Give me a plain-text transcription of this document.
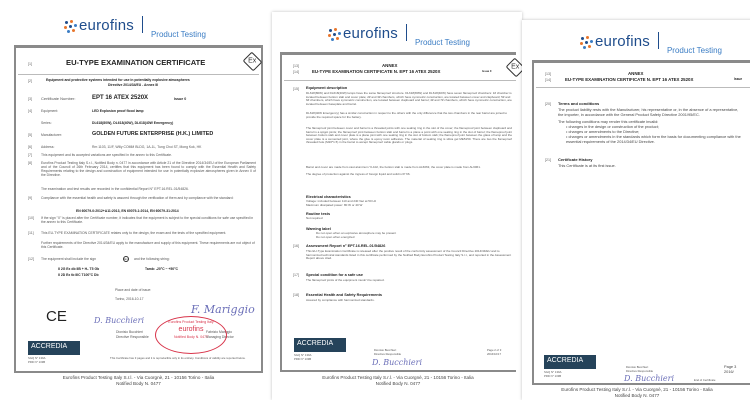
eurofins
Product Testing
[1]	EU-TYPE EXAMINATION CERTIFICATE	Ex
[2]	Equipment and protective systems intended for use in potentially explosive atmospheres
Directive 2014/34/EU - Annex III
[3] Certificate Number:	EPT 16 ATEX 2520X	Issue 0
[4]	Equipment:	LED Explosion proof flood lamp
Series:	DL618(80W), DL618(40W), DL618(40W Emergency)
[5]	Manufacturer:	GOLDEN FUTURE ENTERPRISE (H.K.) LIMITED
[6]	Address:	Rm 1103, 11/F, Willy COMM BLDG, 1A-1L, Tung Choi ST, Mong Kok, HK
[7]	This equipment and its accepted variations are specified in the annex to this Certificate.
[8]	Eurofins Product Testing Italy S.r.l., Notified Body n. 0477 in accordance with Article 21 of the Directive 2014/34/EU of the European Parliament and of the Council of 26th February 2014, certifies that this equipment has been found to comply with the Essential Health and Safety Requirements relating to the design and construction of equipment intended for use in potentially explosive atmospheres given in Annex II of the Directive.
The examination and test results are recorded in the confidential Report N° EPT.16.REL.01/54826.
[9]	Compliance with the essential health and safety is assured through the verification of them and by compliance with the standard:
EN 60079-0:2012+A11:2013, EN 60079-1:2014, EN 60079-31:2014
[10] If the sign "X" is placed after the Certificate number, it indicates that the equipment is subject to the special conditions for safe use specified in the annex to this Certificate.
[11] This EU-TYPE EXAMINATION CERTIFICATE relates only to the design, the exam and the tests of the specified equipment.
Further requirements of the Directive 2014/34/EU apply to the manufacture and supply of this equipment. These requirements are not object of this Certificate.
[12] The equipment shall include the sign	Ex and the following string:
II 2G Ex db IIB + H₂ T5 Gb
II 2D Ex tb IIIC T100°C Db
Tamb: -20°C ~ +50°C
Place and date of issue:
Torino, 2016-10-17
CE	D. Bucchieri
F. Mariggio
Dionisio Bucchieri
Directive Responsible
Fabrizio Mariggio
Managing Director
Eurofins Product Testing Italy
eurofins
Notified Body N. 0477
ACCREDIA
SGQ N° 139A
PRD N° 133B
This Certificate has 3 pages and it is reproducible only in its entirety. Conditions of validity are reported below.
Eurofins Product Testing Italy S.r.l. - Via Cuorgnè, 21 - 10156 Torino - Italia
Notified Body N. 0477
eurofins
Product Testing
[13]
[14]
ANNEX
EU-TYPE EXAMINATION CERTIFICATE N. EPT 16 ATEX 2520X	Issue 0
Ex
[15] Equipment description
DL618(80W) and DL618(40W) lamps have the same flameproof structure. DL618(80W) and DL618(40W) have seven flameproof chambers: 1# chamber is located between bottom slab and cover plate; 2# and 3# chambers, which have symmetric construction, are located between cover and clapboard; 5# and 6# chambers, which have symmetric construction, are located between clapboard and barrel; 4# and 7# chambers, which have symmetric construction, are located between baseplate and barrel.
DL618(40W Emergency) has a similar construction in respect to the others with the only difference that the two chambers in the rear barrel are joined to provide the required space for the battery.
The flameproof joint between cover and barrel is a threaded joints with one sealing ring in the slot of the cover; the flameproof joint between clapboard and barrel is a spigot joints; the flameproof joint between bottom slab and barrel is a plane a point with one sealing ring in the slot of barrel; the flameproof joint between bottom slab and cover plate is a plane joint with one sealing ring in the slot of bottom slab; the flameproof joint between the glass of lamp and the cover plate is a cemented joint, where the glue is epoxy resin adhesive. The material of sealing ring is silica gel ME5150. There are two the flameproof threaded hole (M20*1.5) in the barrel to accept flameproof cable glands or plugs.
Barrel and cover are made from cast aluminum YL102, the bottom slab is made from AL6063, the cover plate is made from AL6061.
The degree of protection against the ingress of foreign liquid and solid is IP 66.
Electrical characteristics
Voltage: included between 110 and 240 Vac at 50 Hz
Maximum dissipated power: 80 W or 40 W
Routine tests
Not required
Warning label
Do not open when an explosive atmosphere may be present
Do not open when energized
[16] Assessment Report n° EPT.16.REL.01/54826
This EU-Type Examination Certificate is released after the positive result of the conformity assessment of the Council Directive 2014/34/EU and to harmonized technical standards listed in this certificate performed by the Notified Body Eurofins Product Testing Italy S.r.l., and reported in the Assessment Report above cited.
[17] Special condition for a safe use
The flameproof joints of the equipment mustn't be repaired.
[18] Essential Health and Safety Requirements
Assured by compliance with harmonized standards.
ACCREDIA
SGQ N° 139A
PRD N° 133B
Dionisio Bucchieri
Directive Responsible
D. Bucchieri
Page 2 of 3
2016/10/17
Eurofins Product Testing Italy S.r.l. - Via Cuorgnè, 21 - 10156 Torino - Italia
Notified Body N. 0477
eurofins
Product Testing
[13]
[14]
ANNEX
EU-TYPE EXAMINATION CERTIFICATE N. EPT 16 ATEX 2520X	Issue
[20] Terms and conditions
The product liability rests with the Manufacturer, his representative or, in the absence of a representative, the importer, in accordance with the General Product Safety Directive 2001/95/EC.
The following conditions may render this certificate invalid:
• changes in the design or construction of the product;
• changes or amendments to the Directive;
• changes or amendments in the standards which form the basis for documenting compliance with the essential requirements of the 2014/34/EU Directive.
[21] Certificate History
This Certificate is at its first issue.
ACCREDIA
SGQ N° 139A
PRD N° 133B
Dionisio Bucchieri
Directive Responsible
D. Bucchieri	End of Certificate
Page 3
2016/
Eurofins Product Testing Italy S.r.l. - Via Cuorgnè, 21 - 10156 Torino - Italia
Notified Body N. 0477
